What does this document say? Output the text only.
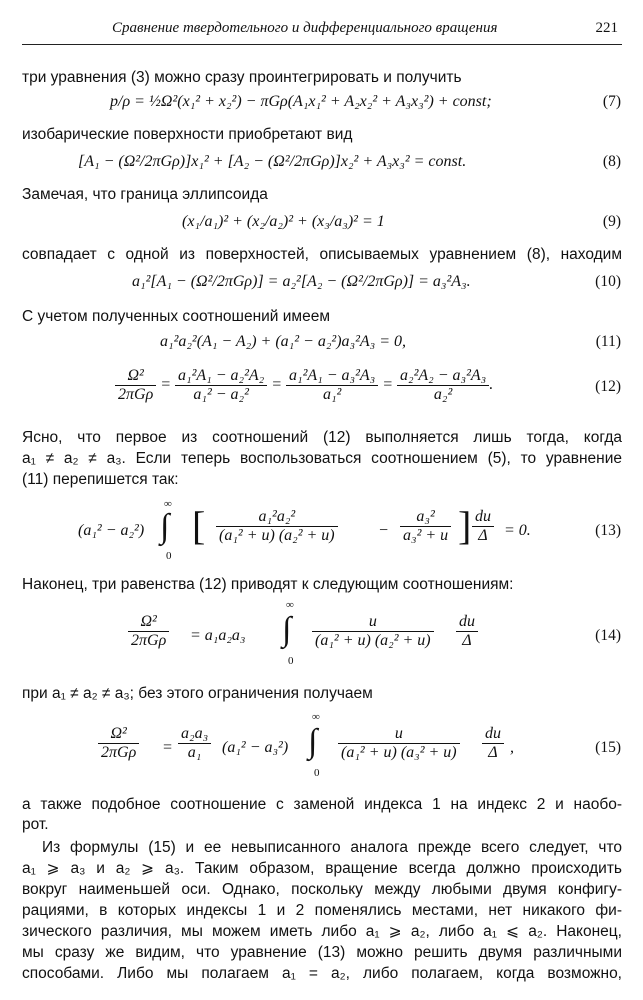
Сравнение твердотельного и дифференциального вращения	221
три уравнения (3) можно сразу проинтегрировать и получить
p/ρ = ½Ω²(x₁² + x₂²) − πGρ(A₁x₁² + A₂x₂² + A₃x₃²) + const;	(7)
изобарические поверхности приобретают вид
[A₁ − (Ω²/2πGρ)]x₁² + [A₂ − (Ω²/2πGρ)]x₂² + A₃x₃² = const.	(8)
Замечая, что граница эллипсоида
(x₁/a₁)² + (x₂/a₂)² + (x₃/a₃)² = 1	(9)
совпадает с одной из поверхностей, описываемых уравнением (8), находим
a₁²[A₁ − (Ω²/2πGρ)] = a₂²[A₂ − (Ω²/2πGρ)] = a₃²A₃.	(10)
С учетом полученных соотношений имеем
a₁²a₂²(A₁ − A₂) + (a₁² − a₂²)a₃²A₃ = 0,	(11)
Ω²
2πGρ
= $\frac{\text{a₁²A₁ − a₂²A₂}}{\text{a₁² − a₂²}} = \frac{\text{a₁²A₁ − a₃²A₃}}{\text{a₁²}} = \frac{\text{a₂²A₂ − a₃²A₃}}{\text{a₂²}}$ .	(12)
Ясно, что первое из соотношений (12) выполняется лишь тогда, когда
a₁ ≠ a₂ ≠ a₃. Если теперь воспользоваться соотношением (5), то уравнение
(11) перепишется так:
(a₁² − a₂²)
∞
∫
0
[ $\frac{\text{a₁²a₂²}}{\text{(a₁² + u) (a₂² + u)}}$	− $\frac{\text{a₃²}}{\text{a₃² + u}}$ ] $\frac{du}{\Delta} = 0$.	(13)
Наконец, три равенства (12) приводят к следующим соотношениям:
Ω²
2πGρ = a₁a₂a₃
∞
∫
0
$\frac{u}{\text{(a₁² + u) (a₂² + u)}} \frac{du}{\Delta}$	(14)
при a₁ ≠ a₂ ≠ a₃; без этого ограничения получаем
Ω²
$2\pi G\rho = \frac{\text{a₂a₃}}{\text{a₁}} (a_1^2 - a_3^2)$
∞
∫
0
$\frac{u}{\text{(a₁² + u) (a₃² + u)}} \frac{du}{\Delta}$ ,	(15)
а также подобное соотношение с заменой индекса 1 на индекс 2 и наобо-
рот.
Из формулы (15) и ее невыписанного аналога прежде всего следует, что
a₁ ⩾ a₃ и a₂ ⩾ a₃. Таким образом, вращение всегда должно происходить
вокруг наименьшей оси. Однако, поскольку между любыми двумя конфигу-
рациями, в которых индексы 1 и 2 поменялись местами, нет никакого фи-
зического различия, мы можем иметь либо a₁ ⩾ a₂, либо a₁ ⩽ a₂. Наконец,
мы сразу же видим, что уравнение (13) можно решить двумя различными
способами. Либо мы полагаем a₁ = a₂, либо полагаем, когда возможно,
